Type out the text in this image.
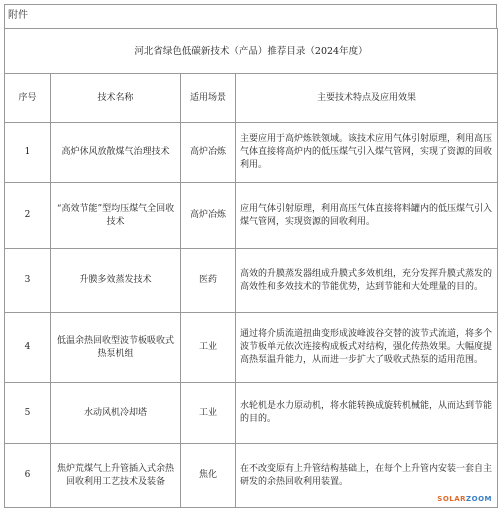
附件
河北省绿色低碳新技术（产品）推荐目录（2024年度）			
序号	技术名称	适用场景	主要技术特点及应用效果
1	高炉休风放散煤气治理技术	高炉冶炼	主要应用于高炉炼铁领域。该技术应用气体引射原理，利用高压气体直接将高炉内的低压煤气引入煤气管网，实现了资源的回收利用。
2	“高效节能”型均压煤气全回收技术	高炉冶炼	应用气体引射原理，利用高压气体直接将料罐内的低压煤气引入煤气管网，实现资源的回收利用。
3	升膜多效蒸发技术	医药	高效的升膜蒸发器组成升膜式多效机组，充分发挥升膜式蒸发的高效性和多效技术的节能优势，达到节能和大处理量的目的。
4	低温余热回收型波节板吸收式热泵机组	工业	通过将介质流道扭曲变形成波峰波谷交替的波节式流道，将多个波节板单元依次连接构成板式对结构，强化传热效果。大幅度提高热泵温升能力，从而进一步扩大了吸收式热泵的适用范围。
5	水动风机冷却塔	工业	水轮机是水力原动机，将水能转换成旋转机械能，从而达到节能的目的。
6	焦炉荒煤气上升管插入式余热回收利用工艺技术及装备	焦化	在不改变原有上升管结构基础上，在每个上升管内安装一套自主研发的余热回收利用装置。
SOLARZOOM
